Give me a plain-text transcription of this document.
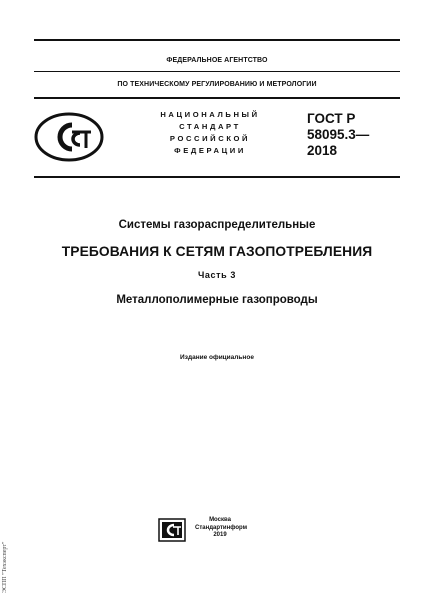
ФЕДЕРАЛЬНОЕ АГЕНТСТВО
ПО ТЕХНИЧЕСКОМУ РЕГУЛИРОВАНИЮ И МЕТРОЛОГИИ
НАЦИОНАЛЬНЫЙ
СТАНДАРТ
РОССИЙСКОЙ
ФЕДЕРАЦИИ
ГОСТ Р
58095.3—
2018
Системы газораспределительные
ТРЕБОВАНИЯ К СЕТЯМ ГАЗОПОТРЕБЛЕНИЯ
Часть 3
Металлополимерные газопроводы
Издание официальное
Москва
Стандартинформ
2019
ЭСПП "Техэксперт"
